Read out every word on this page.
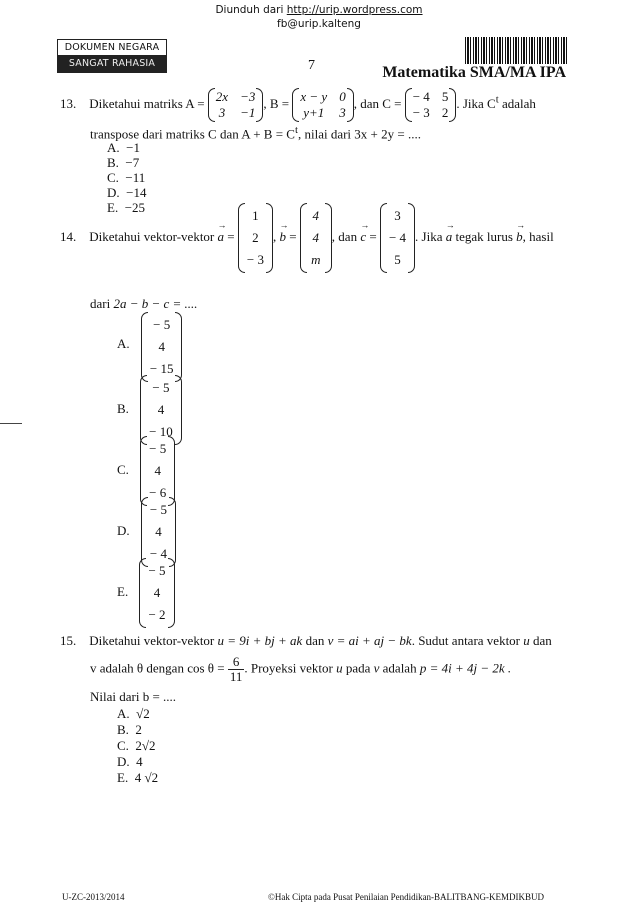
Diunduh dari http://urip.wordpress.com
fb@urip.kalteng
DOKUMEN NEGARA
SANGAT RAHASIA	7	Matematika SMA/MA IPA
13. Diketahui matriks A = 2x −3
3 −1
, B = x − y 0
y+1 3
, dan C = − 4 5
− 3 2
. Jika $C^t$ adalah
transpose dari matriks C dan $A + B = C^t$, nilai dari 3x + 2y = ....
A. −1
B. −7
C. −11
D. −14
E. −25
14. Diketahui vektor-vektor a → = 1
2
− 3, b → = 4
4
m, dan c → = 3
− 4
5. Jika a → tegak lurus b →, hasil
dari 2a − b − c = ....
A. − 5
4
− 15
B. − 5
4
− 10
C. − 5
4
− 6
D. − 5
4
− 4
E. − 5
4
− 2
15. Diketahui vektor-vektor u = 9i + bj + ak dan v = ai + aj − bk. Sudut antara vektor u dan
v adalah θ dengan $\cos \theta = \frac{6}{11}$ . Proyeksi vektor u pada v adalah p = 4i + 4j − 2k .
Nilai dari b = ....
A. √2
B. 2
C. 2√2
D. 4
E. 4 √2
U-ZC-2013/2014	©Hak Cipta pada Pusat Penilaian Pendidikan-BALITBANG-KEMDIKBUD
